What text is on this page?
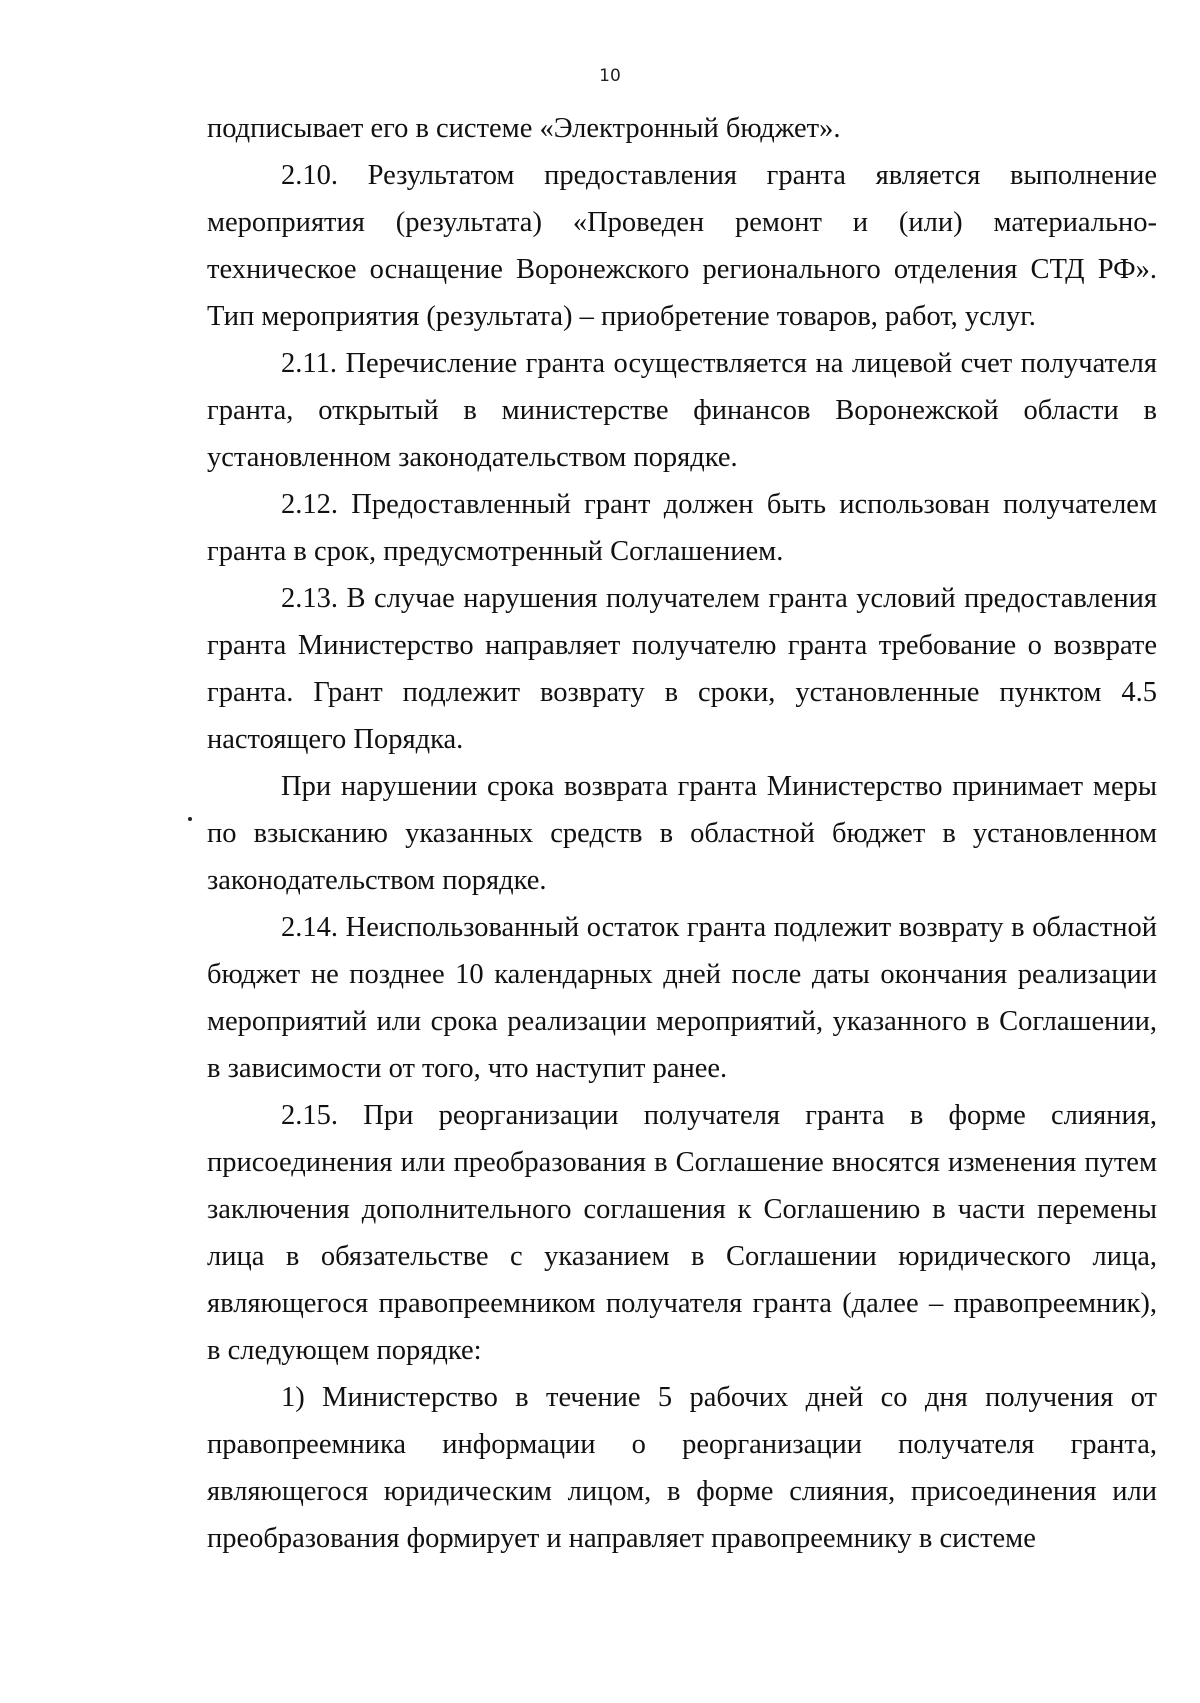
10

подписывает его в системе «Электронный бюджет».

2.10. Результатом предоставления гранта является выполнение мероприятия (результата) «Проведен ремонт и (или) материально-техническое оснащение Воронежского регионального отделения СТД РФ». Тип мероприятия (результата) – приобретение товаров, работ, услуг.

2.11. Перечисление гранта осуществляется на лицевой счет получателя гранта, открытый в министерстве финансов Воронежской области в установленном законодательством порядке.

2.12. Предоставленный грант должен быть использован получателем гранта в срок, предусмотренный Соглашением.

2.13. В случае нарушения получателем гранта условий предоставления гранта Министерство направляет получателю гранта требование о возврате гранта. Грант подлежит возврату в сроки, установленные пунктом 4.5 настоящего Порядка.

При нарушении срока возврата гранта Министерство принимает меры по взысканию указанных средств в областной бюджет в установленном законодательством порядке.

2.14. Неиспользованный остаток гранта подлежит возврату в областной бюджет не позднее 10 календарных дней после даты окончания реализации мероприятий или срока реализации мероприятий, указанного в Соглашении, в зависимости от того, что наступит ранее.

2.15. При реорганизации получателя гранта в форме слияния, присоединения или преобразования в Соглашение вносятся изменения путем заключения дополнительного соглашения к Соглашению в части перемены лица в обязательстве с указанием в Соглашении юридического лица, являющегося правопреемником получателя гранта (далее – правопреемник), в следующем порядке:

1) Министерство в течение 5 рабочих дней со дня получения от правопреемника информации о реорганизации получателя гранта, являющегося юридическим лицом, в форме слияния, присоединения или преобразования формирует и направляет правопреемнику в системе
